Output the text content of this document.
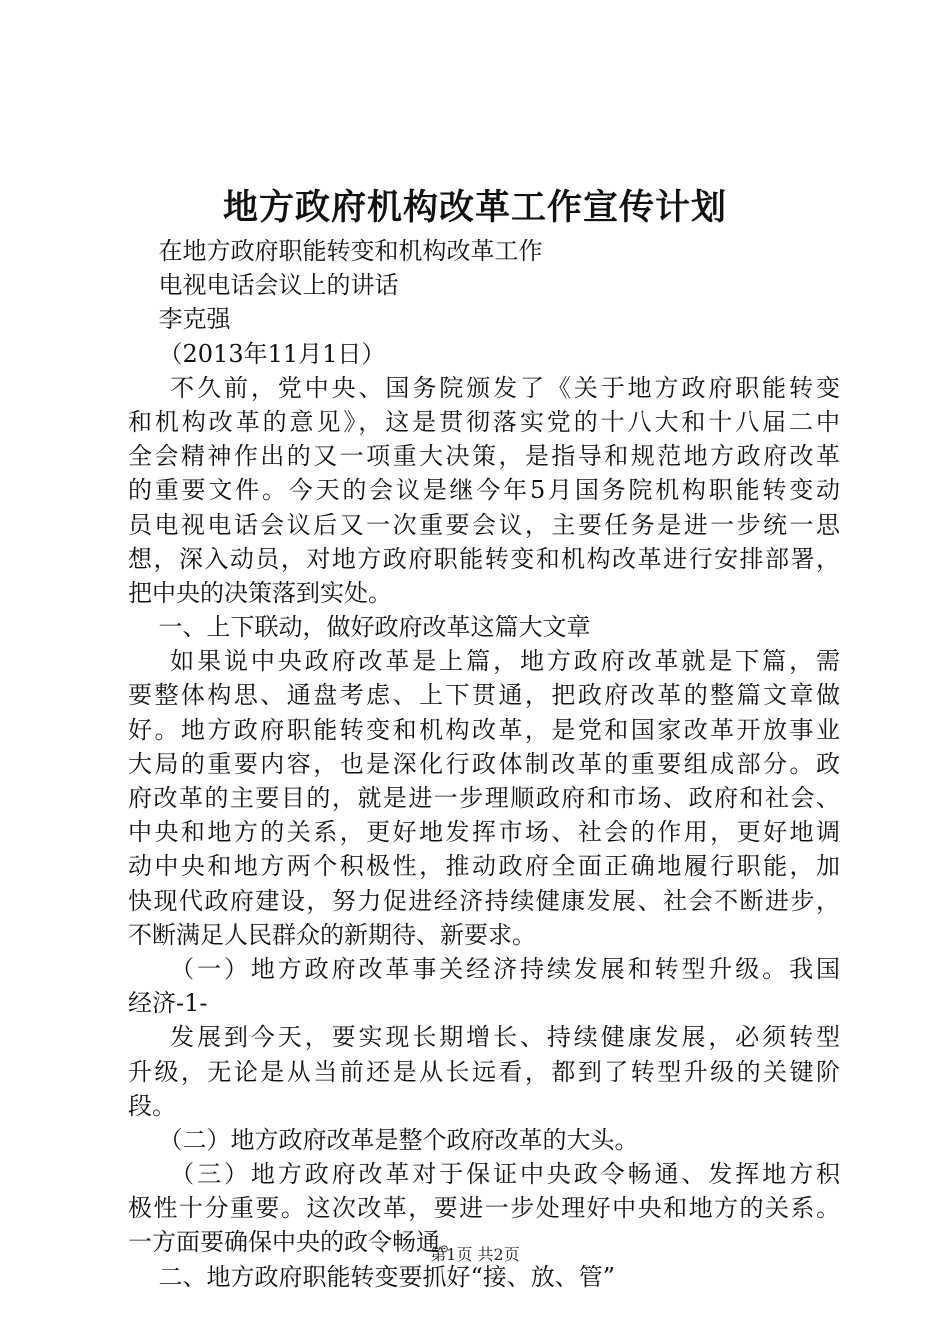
地方政府机构改革工作宣传计划
在地方政府职能转变和机构改革工作
电视电话会议上的讲话
李克强
（2013年11月1日）
不久前，党中央、国务院颁发了《关于地方政府职能转变
和机构改革的意见》，这是贯彻落实党的十八大和十八届二中
全会精神作出的又一项重大决策，是指导和规范地方政府改革
的重要文件。今天的会议是继今年5月国务院机构职能转变动
员电视电话会议后又一次重要会议，主要任务是进一步统一思
想，深入动员，对地方政府职能转变和机构改革进行安排部署，
把中央的决策落到实处。
一、上下联动，做好政府改革这篇大文章
如果说中央政府改革是上篇，地方政府改革就是下篇，需
要整体构思、通盘考虑、上下贯通，把政府改革的整篇文章做
好。地方政府职能转变和机构改革，是党和国家改革开放事业
大局的重要内容，也是深化行政体制改革的重要组成部分。政
府改革的主要目的，就是进一步理顺政府和市场、政府和社会、
中央和地方的关系，更好地发挥市场、社会的作用，更好地调
动中央和地方两个积极性，推动政府全面正确地履行职能，加
快现代政府建设，努力促进经济持续健康发展、社会不断进步，
不断满足人民群众的新期待、新要求。
（一）地方政府改革事关经济持续发展和转型升级。我国
经济-1-
发展到今天，要实现长期增长、持续健康发展，必须转型
升级，无论是从当前还是从长远看，都到了转型升级的关键阶
段。
（二）地方政府改革是整个政府改革的大头。
（三）地方政府改革对于保证中央政令畅通、发挥地方积
极性十分重要。这次改革，要进一步处理好中央和地方的关系。
一方面要确保中央的政令畅通。
二、地方政府职能转变要抓好“接、放、管”
第1页 共2页
